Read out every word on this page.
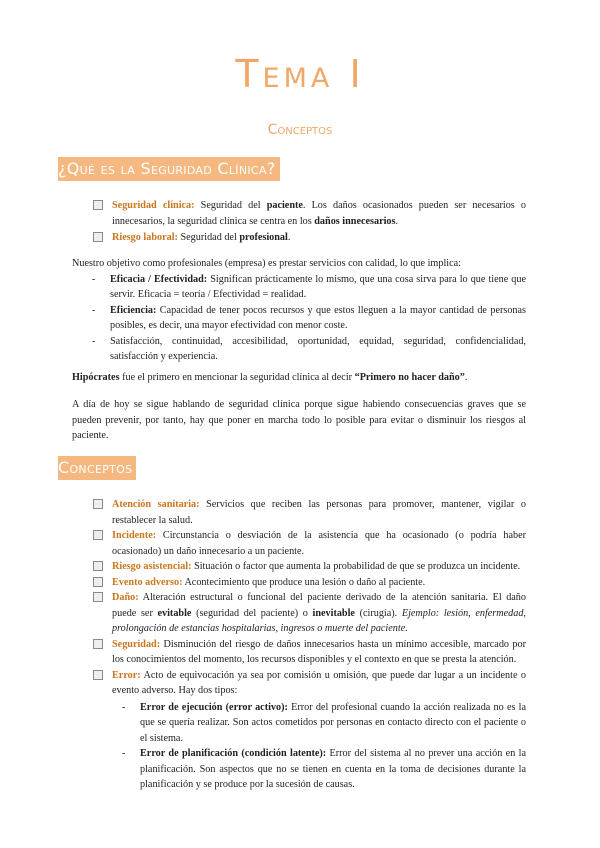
Tema I
Conceptos
¿Qué es la Seguridad Clínica?
Seguridad clínica: Seguridad del paciente. Los daños ocasionados pueden ser necesarios o innecesarios, la seguridad clínica se centra en los daños innecesarios.
Riesgo laboral: Seguridad del profesional.
Nuestro objetivo como profesionales (empresa) es prestar servicios con calidad, lo que implica:
- Eficacia / Efectividad: Significan prácticamente lo mismo, que una cosa sirva para lo que tiene que servir. Eficacia = teoría / Efectividad = realidad.
- Eficiencia: Capacidad de tener pocos recursos y que estos lleguen a la mayor cantidad de personas posibles, es decir, una mayor efectividad con menor coste.
- Satisfacción, continuidad, accesibilidad, oportunidad, equidad, seguridad, confidencialidad, satisfacción y experiencia.
Hipócrates fue el primero en mencionar la seguridad clínica al decir “Primero no hacer daño”.
A día de hoy se sigue hablando de seguridad clínica porque sigue habiendo consecuencias graves que se pueden prevenir, por tanto, hay que poner en marcha todo lo posible para evitar o disminuir los riesgos al paciente.
Conceptos
Atención sanitaria: Servicios que reciben las personas para promover, mantener, vigilar o restablecer la salud.
Incidente: Circunstancia o desviación de la asistencia que ha ocasionado (o podría haber ocasionado) un daño innecesario a un paciente.
Riesgo asistencial: Situación o factor que aumenta la probabilidad de que se produzca un incidente.
Evento adverso: Acontecimiento que produce una lesión o daño al paciente.
Daño: Alteración estructural o funcional del paciente derivado de la atención sanitaria. El daño puede ser evitable (seguridad del paciente) o inevitable (cirugía). Ejemplo: lesión, enfermedad, prolongación de estancias hospitalarias, ingresos o muerte del paciente.
Seguridad: Disminución del riesgo de daños innecesarios hasta un mínimo accesible, marcado por los conocimientos del momento, los recursos disponibles y el contexto en que se presta la atención.
Error: Acto de equivocación ya sea por comisión u omisión, que puede dar lugar a un incidente o evento adverso. Hay dos tipos:
- Error de ejecución (error activo): Error del profesional cuando la acción realizada no es la que se quería realizar. Son actos cometidos por personas en contacto directo con el paciente o el sistema.
- Error de planificación (condición latente): Error del sistema al no prever una acción en la planificación. Son aspectos que no se tienen en cuenta en la toma de decisiones durante la planificación y se produce por la sucesión de causas.
